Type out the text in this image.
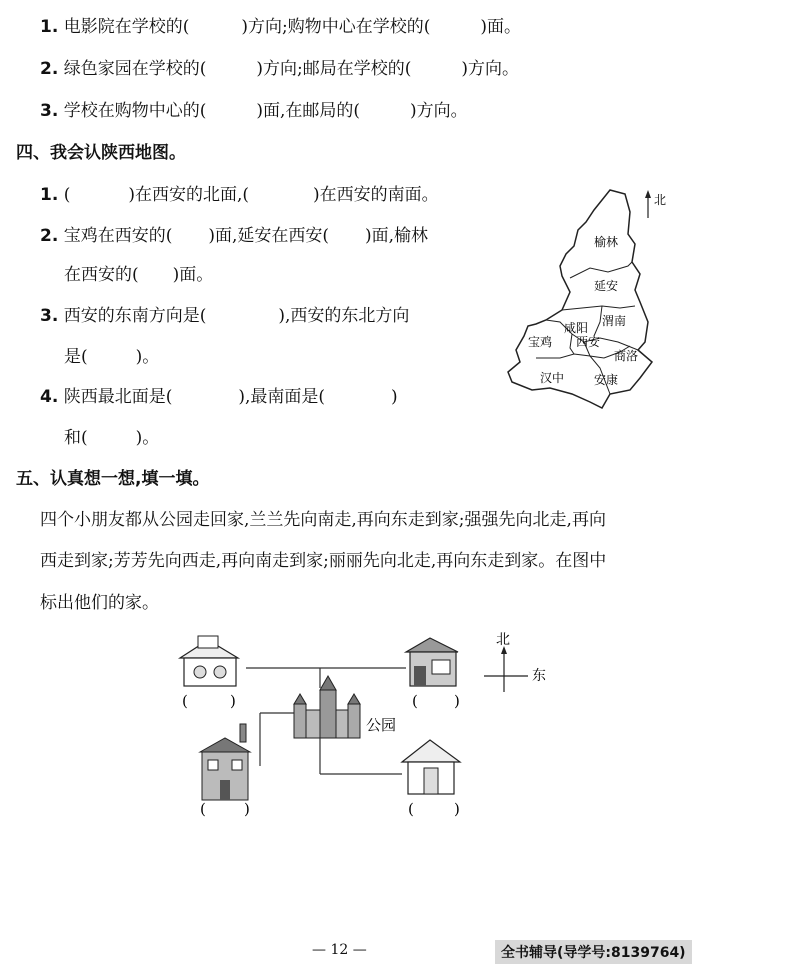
1. 电影院在学校的(	)方向;购物中心在学校的(	)面。
2. 绿色家园在学校的(	)方向;邮局在学校的(	)方向。
3. 学校在购物中心的(	)面,在邮局的(	)方向。
四、我会认陕西地图。
1. (	)在西安的北面,(	)在西安的南面。
2. 宝鸡在西安的( )面,延安在西安( )面,榆林
在西安的( )面。
3. 西安的东南方向是(	),西安的东北方向
是(	)。
4. 陕西最北面是(	),最南面是(	)
和(	)。
榆林
延安
咸阳 渭南
宝鸡 西安
商洛
汉中 安康
北
五、认真想一想,填一填。
四个小朋友都从公园走回家,兰兰先向南走,再向东走到家;强强先向北走,再向
西走到家;芳芳先向西走,再向南走到家;丽丽先向北走,再向东走到家。在图中
标出他们的家。
(	)	( )
公园
(	)	(	)
北
东
— 12 —	全书辅导(导学号:8139764)
